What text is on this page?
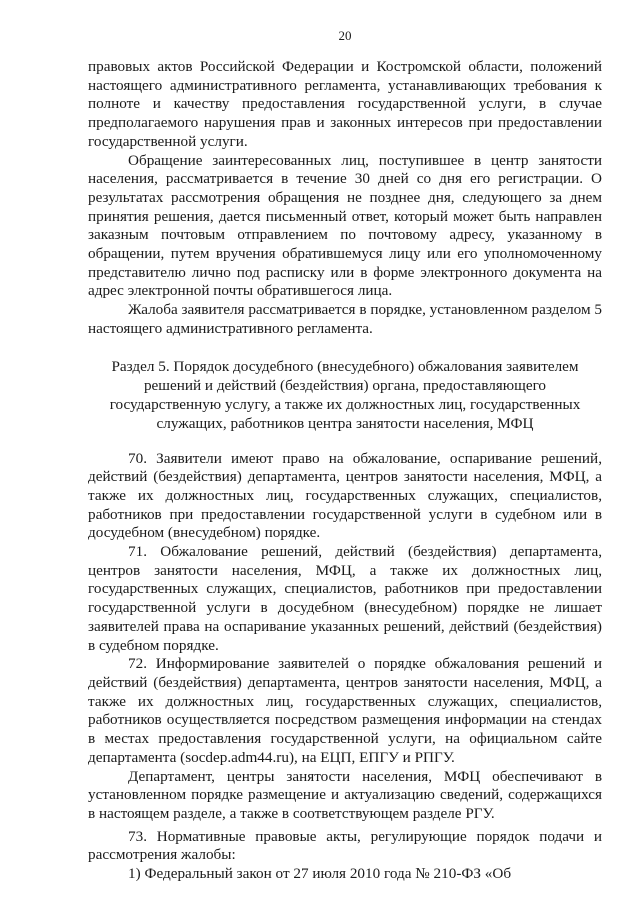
20

правовых актов Российской Федерации и Костромской области, положений настоящего административного регламента, устанавливающих требования к полноте и качеству предоставления государственной услуги, в случае предполагаемого нарушения прав и законных интересов при предоставлении государственной услуги.

Обращение заинтересованных лиц, поступившее в центр занятости населения, рассматривается в течение 30 дней со дня его регистрации. О результатах рассмотрения обращения не позднее дня, следующего за днем принятия решения, дается письменный ответ, который может быть направлен заказным почтовым отправлением по почтовому адресу, указанному в обращении, путем вручения обратившемуся лицу или его уполномоченному представителю лично под расписку или в форме электронного документа на адрес электронной почты обратившегося лица.

Жалоба заявителя рассматривается в порядке, установленном разделом 5 настоящего административного регламента.

Раздел 5. Порядок досудебного (внесудебного) обжалования заявителем решений и действий (бездействия) органа, предоставляющего государственную услугу, а также их должностных лиц, государственных служащих, работников центра занятости населения, МФЦ

70. Заявители имеют право на обжалование, оспаривание решений, действий (бездействия) департамента, центров занятости населения, МФЦ, а также их должностных лиц, государственных служащих, специалистов, работников при предоставлении государственной услуги в судебном или в досудебном (внесудебном) порядке.

71. Обжалование решений, действий (бездействия) департамента, центров занятости населения, МФЦ, а также их должностных лиц, государственных служащих, специалистов, работников при предоставлении государственной услуги в досудебном (внесудебном) порядке не лишает заявителей права на оспаривание указанных решений, действий (бездействия) в судебном порядке.

72. Информирование заявителей о порядке обжалования решений и действий (бездействия) департамента, центров занятости населения, МФЦ, а также их должностных лиц, государственных служащих, специалистов, работников осуществляется посредством размещения информации на стендах в местах предоставления государственной услуги, на официальном сайте департамента (socdep.adm44.ru), на ЕЦП, ЕПГУ и РПГУ.

Департамент, центры занятости населения, МФЦ обеспечивают в установленном порядке размещение и актуализацию сведений, содержащихся в настоящем разделе, а также в соответствующем разделе РГУ.

73. Нормативные правовые акты, регулирующие порядок подачи и рассмотрения жалобы:

1) Федеральный закон от 27 июля 2010 года № 210-ФЗ «Об
